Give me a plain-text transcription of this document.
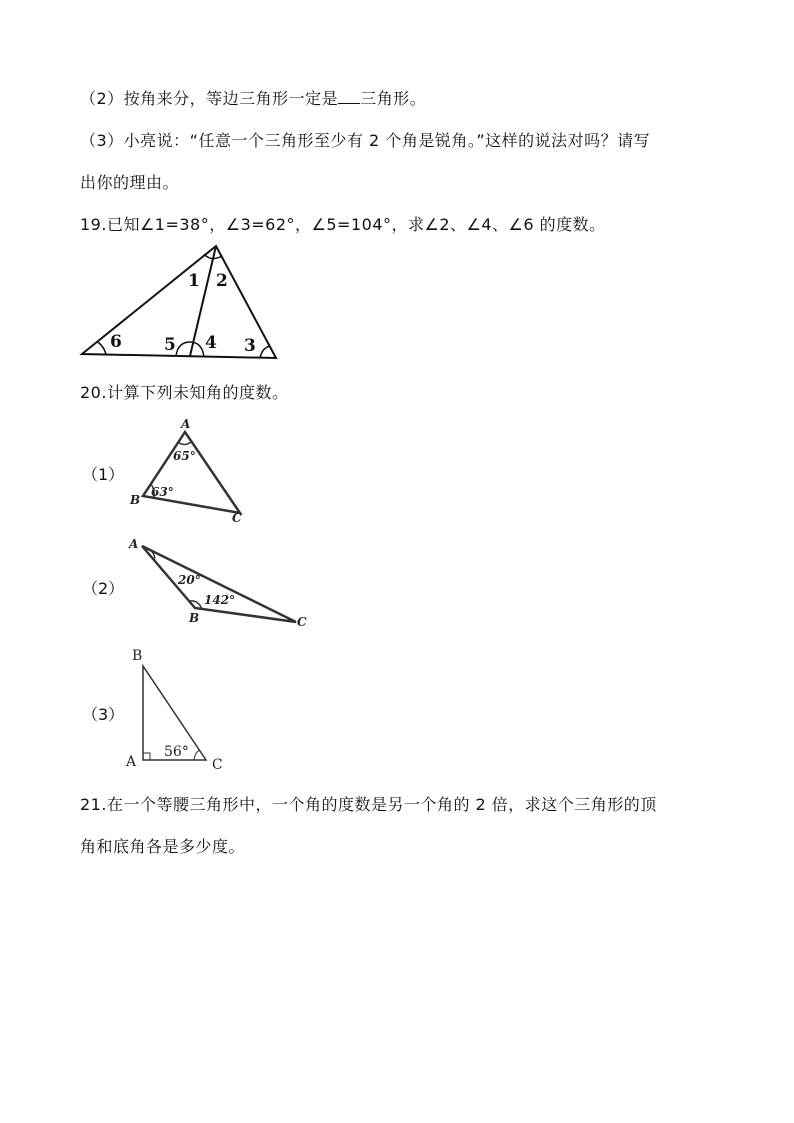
（2）按角来分，等边三角形一定是 三角形。
（3）小亮说：“任意一个三角形至少有 2 个角是锐角。”这样的说法对吗？请写
出你的理由。
19.已知∠1=38°，∠3=62°，∠5=104°，求∠2、∠4、∠6 的度数。
1 2
3
4
5
6
20.计算下列未知角的度数。
（1）
A
B
C
65°
63°
（2）
A
B	C
20°
142°
（3）
B
A	C
56°
21.在一个等腰三角形中，一个角的度数是另一个角的 2 倍，求这个三角形的顶
角和底角各是多少度。
